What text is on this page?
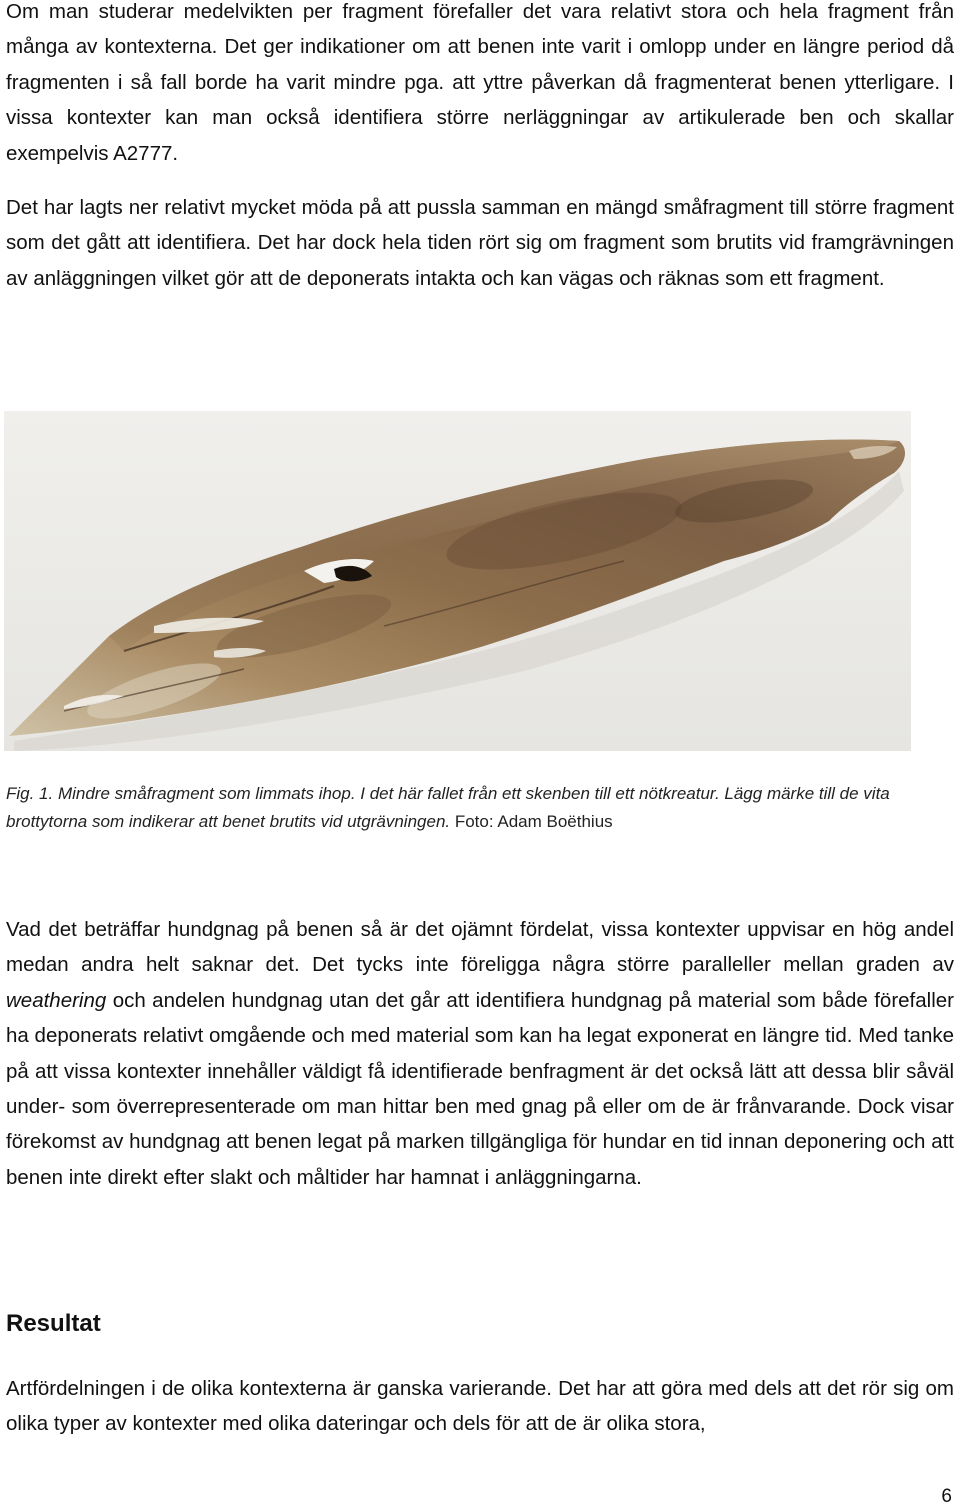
Om man studerar medelvikten per fragment förefaller det vara relativt stora och hela fragment från många av kontexterna. Det ger indikationer om att benen inte varit i omlopp under en längre period då fragmenten i så fall borde ha varit mindre pga. att yttre påverkan då fragmenterat benen ytterligare. I vissa kontexter kan man också identifiera större nerläggningar av artikulerade ben och skallar exempelvis A2777.

Det har lagts ner relativt mycket möda på att pussla samman en mängd småfragment till större fragment som det gått att identifiera. Det har dock hela tiden rört sig om fragment som brutits vid framgrävningen av anläggningen vilket gör att de deponerats intakta och kan vägas och räknas som ett fragment.

Fig. 1. Mindre småfragment som limmats ihop. I det här fallet från ett skenben till ett nötkreatur. Lägg märke till de vita brottytorna som indikerar att benet brutits vid utgrävningen. Foto: Adam Boëthius

Vad det beträffar hundgnag på benen så är det ojämnt fördelat, vissa kontexter uppvisar en hög andel medan andra helt saknar det. Det tycks inte föreligga några större paralleller mellan graden av weathering och andelen hundgnag utan det går att identifiera hundgnag på material som både förefaller ha deponerats relativt omgående och med material som kan ha legat exponerat en längre tid. Med tanke på att vissa kontexter innehåller väldigt få identifierade benfragment är det också lätt att dessa blir såväl under- som överrepresenterade om man hittar ben med gnag på eller om de är frånvarande. Dock visar förekomst av hundgnag att benen legat på marken tillgängliga för hundar en tid innan deponering och att benen inte direkt efter slakt och måltider har hamnat i anläggningarna.

Resultat

Artfördelningen i de olika kontexterna är ganska varierande. Det har att göra med dels att det rör sig om olika typer av kontexter med olika dateringar och dels för att de är olika stora,

6
